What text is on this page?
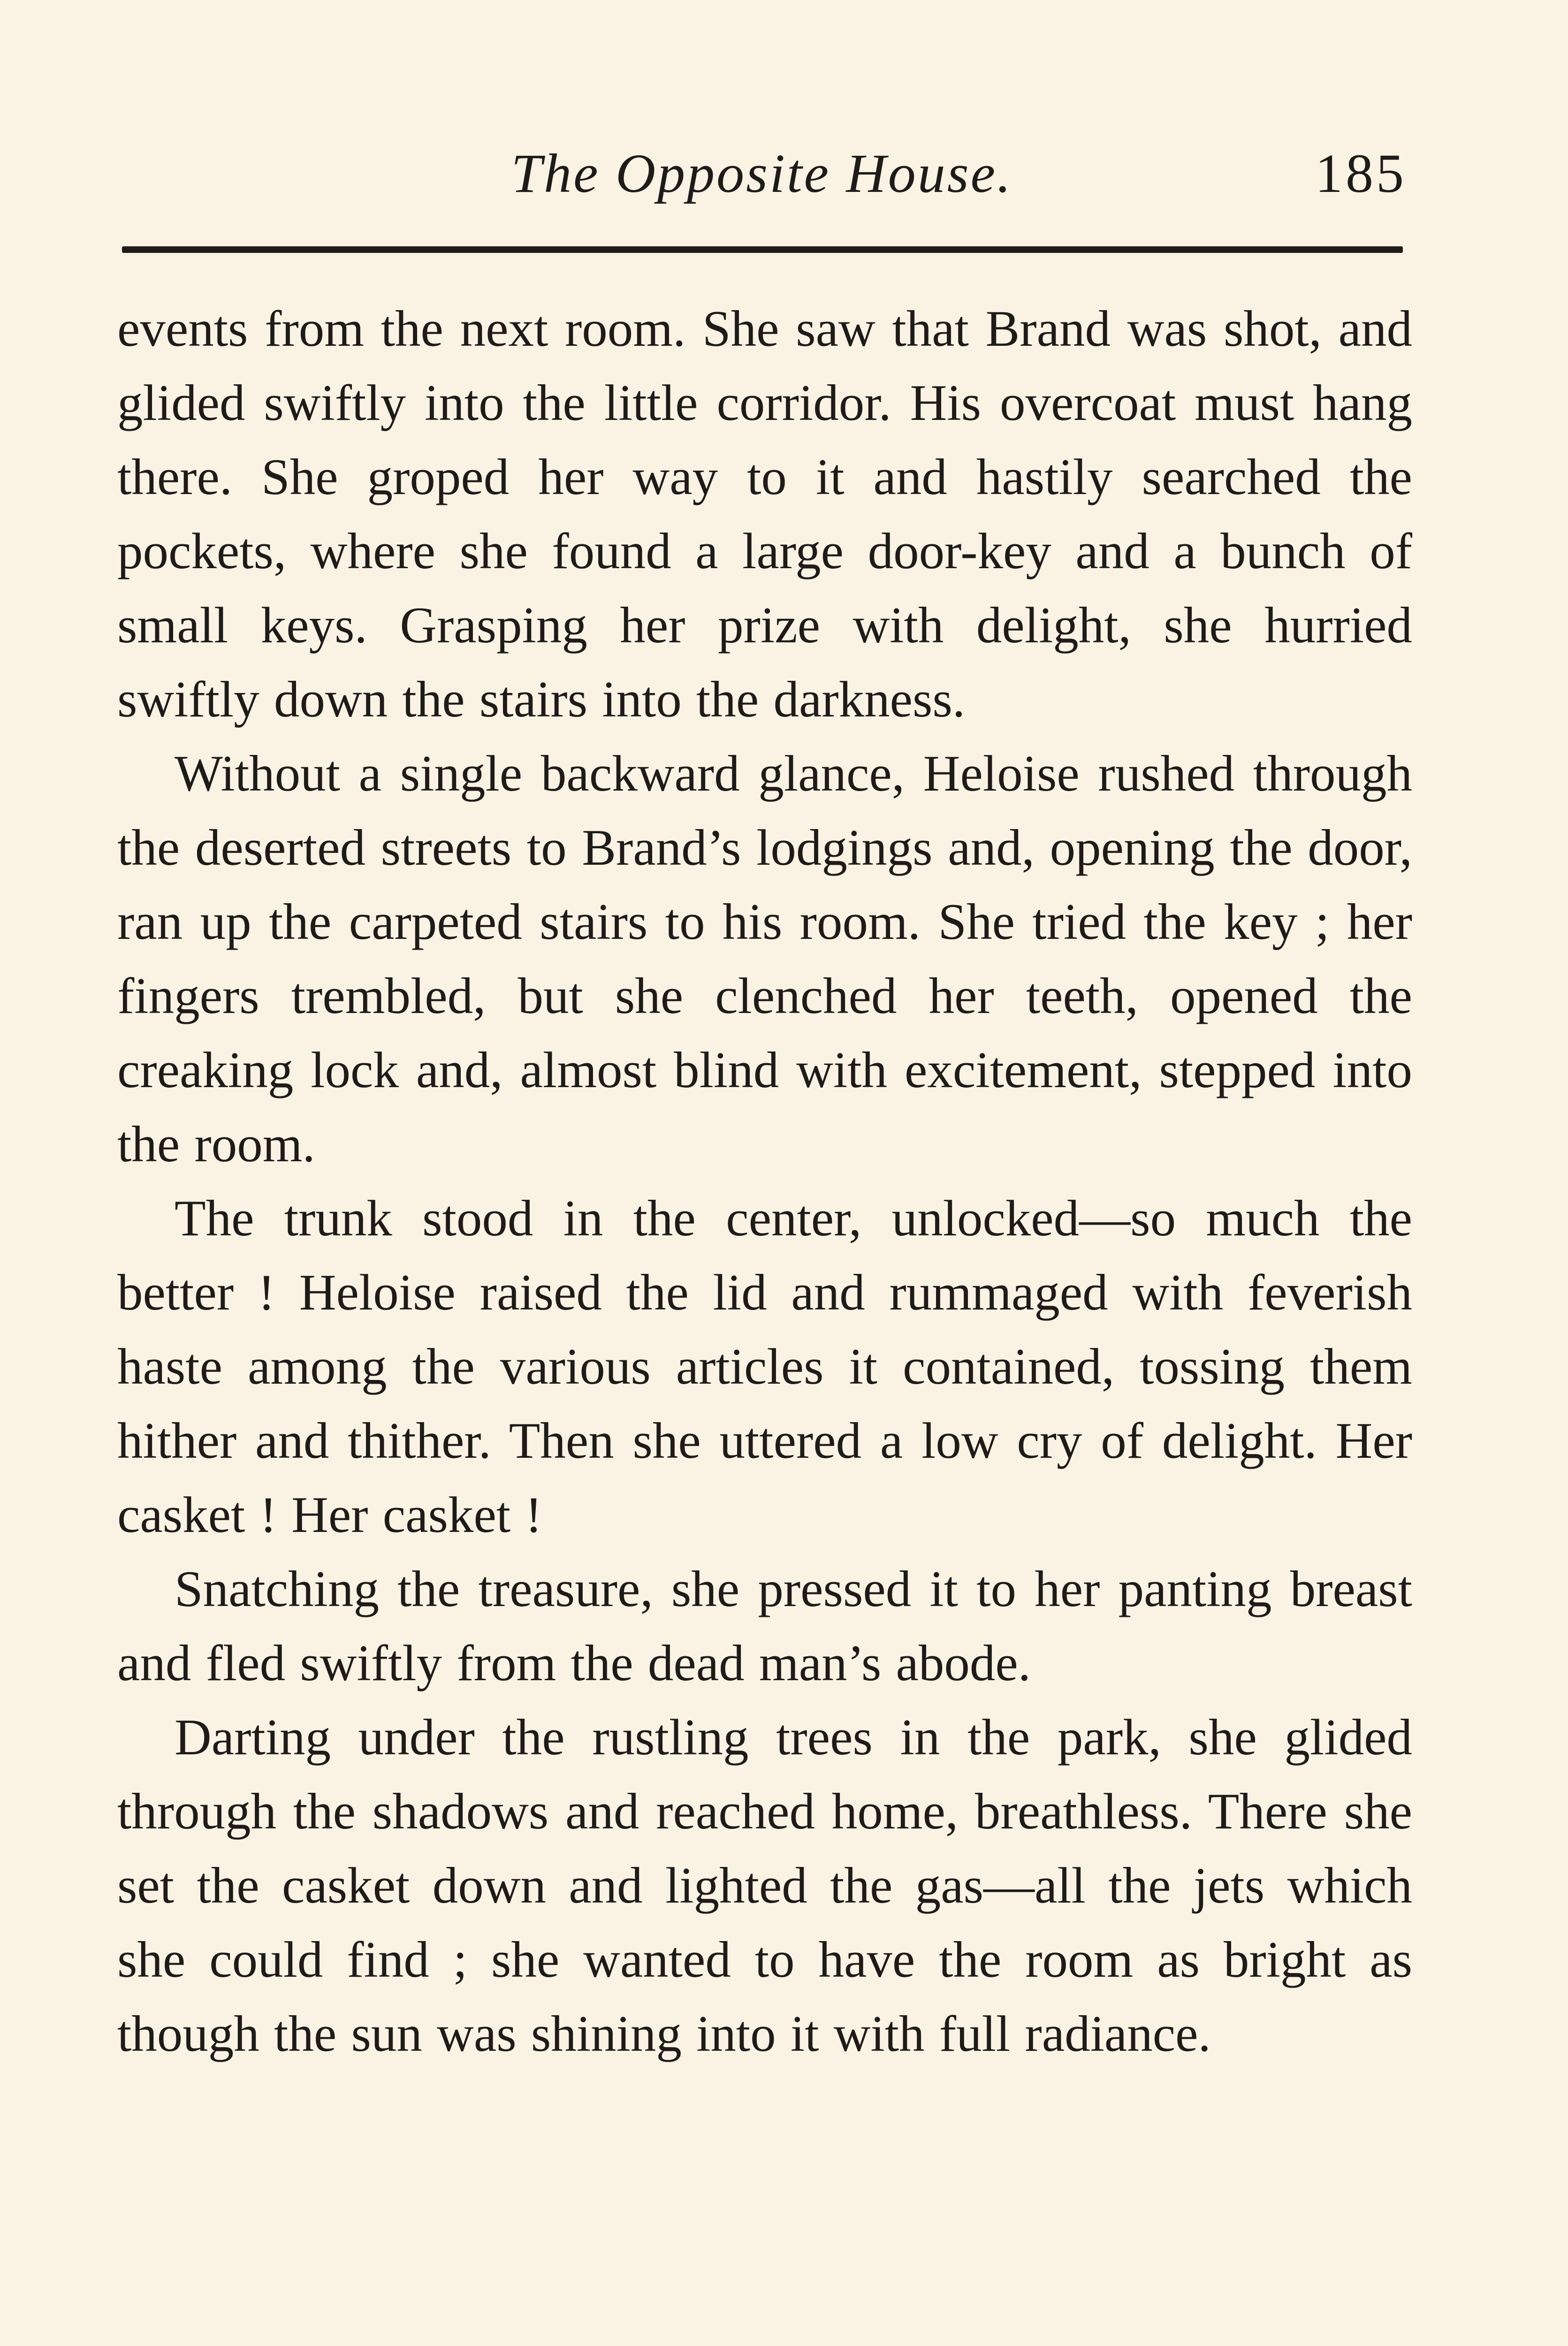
The Opposite House.	185

events from the next room. She saw that Brand was shot, and glided swiftly into the little corridor. His overcoat must hang there. She groped her way to it and hastily searched the pockets, where she found a large door-key and a bunch of small keys. Grasping her prize with delight, she hurried swiftly down the stairs into the darkness.

Without a single backward glance, Heloise rushed through the deserted streets to Brand’s lodgings and, opening the door, ran up the carpeted stairs to his room. She tried the key ; her fingers trembled, but she clenched her teeth, opened the creaking lock and, almost blind with excitement, stepped into the room.

The trunk stood in the center, unlocked—so much the better ! Heloise raised the lid and rummaged with feverish haste among the various articles it contained, tossing them hither and thither. Then she uttered a low cry of delight. Her casket ! Her casket !

Snatching the treasure, she pressed it to her panting breast and fled swiftly from the dead man’s abode.

Darting under the rustling trees in the park, she glided through the shadows and reached home, breathless. There she set the casket down and lighted the gas—all the jets which she could find ; she wanted to have the room as bright as though the sun was shining into it with full radiance.
